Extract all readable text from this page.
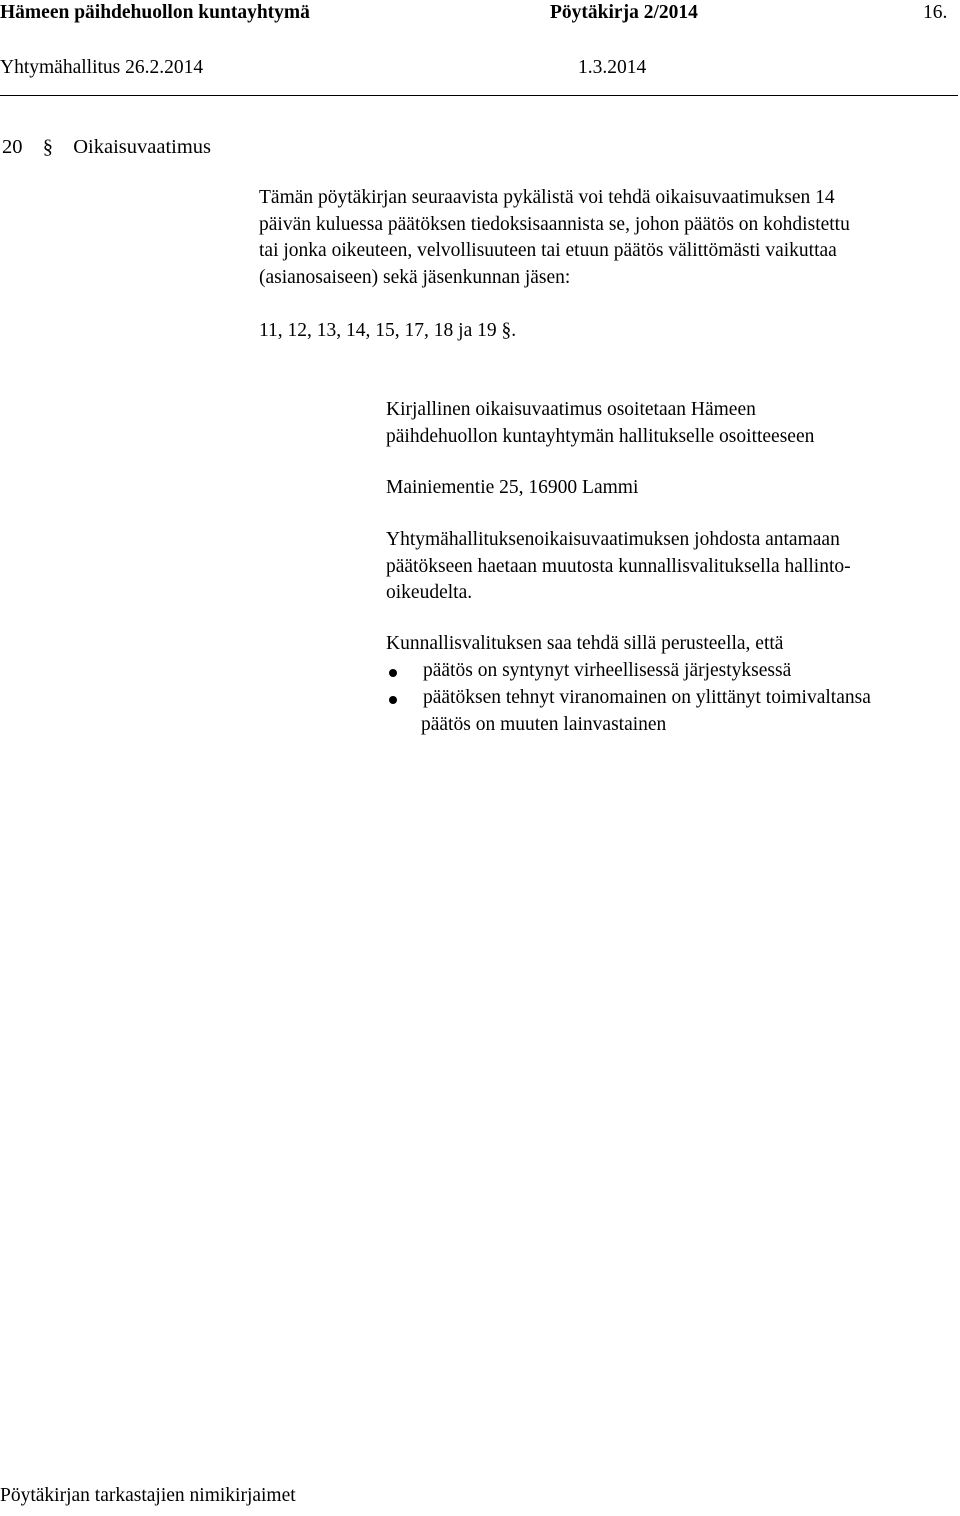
Hämeen päihdehuollon kuntayhtymä	Pöytäkirja 2/2014	16.
Yhtymähallitus 26.2.2014	1.3.2014
20 § Oikaisuvaatimus
Tämän pöytäkirjan seuraavista pykälistä voi tehdä oikaisuvaatimuksen 14
päivän kuluessa päätöksen tiedoksisaannista se, johon päätös on kohdistettu
tai jonka oikeuteen, velvollisuuteen tai etuun päätös välittömästi vaikuttaa
(asianosaiseen) sekä jäsenkunnan jäsen:
11, 12, 13, 14, 15, 17, 18 ja 19 §.
Kirjallinen oikaisuvaatimus osoitetaan Hämeen
päihdehuollon kuntayhtymän hallitukselle osoitteeseen
Mainiementie 25, 16900 Lammi
Yhtymähallituksenoikaisuvaatimuksen johdosta antamaan
päätökseen haetaan muutosta kunnallisvalituksella hallinto-
oikeudelta.
Kunnallisvalituksen saa tehdä sillä perusteella, että
päätös on syntynyt virheellisessä järjestyksessä
päätöksen tehnyt viranomainen on ylittänyt toimivaltansa
päätös on muuten lainvastainen
Pöytäkirjan tarkastajien nimikirjaimet
